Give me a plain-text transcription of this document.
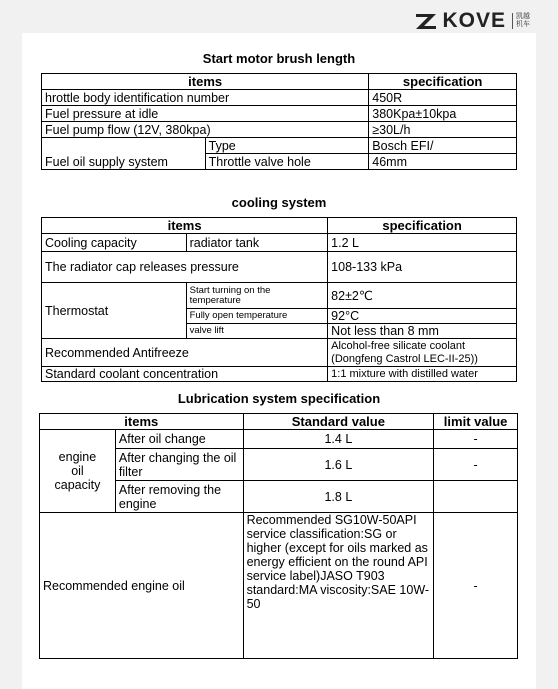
KOVE 凯越
机车
Start motor brush length
items		specification
hrottle body identification number		450R
Fuel pressure at idle		380Kpa±10kpa
Fuel pump flow (12V, 380kpa)		≥30L/h
Fuel oil supply system	Type	Bosch EFI/
	Throttle valve hole	46mm
cooling system
items		specification
Cooling capacity	radiator tank	1.2 L
The radiator cap releases pressure		108-133 kPa
Thermostat	Start turning on the temperature	82±2℃
	Fully open temperature	92°C
	valve lift	Not less than 8 mm
Recommended Antifreeze		Alcohol-free silicate coolant
(Dongfeng Castrol LEC-II-25))

Standard coolant concentration		1:1 mixture with distilled water
Lubrication system specification
items		Standard value	limit value

engine
oil
capacity	After oil change	1.4 L	-
	After changing the oil filter	1.6 L	-
	After removing the engine	1.8 L	
Recommended engine oil		Recommended SG10W-50API service classification:SG or higher (except for oils marked as energy efficient on the round API service label)JASO T903 standard:MA viscosity:SAE 10W-50	-
